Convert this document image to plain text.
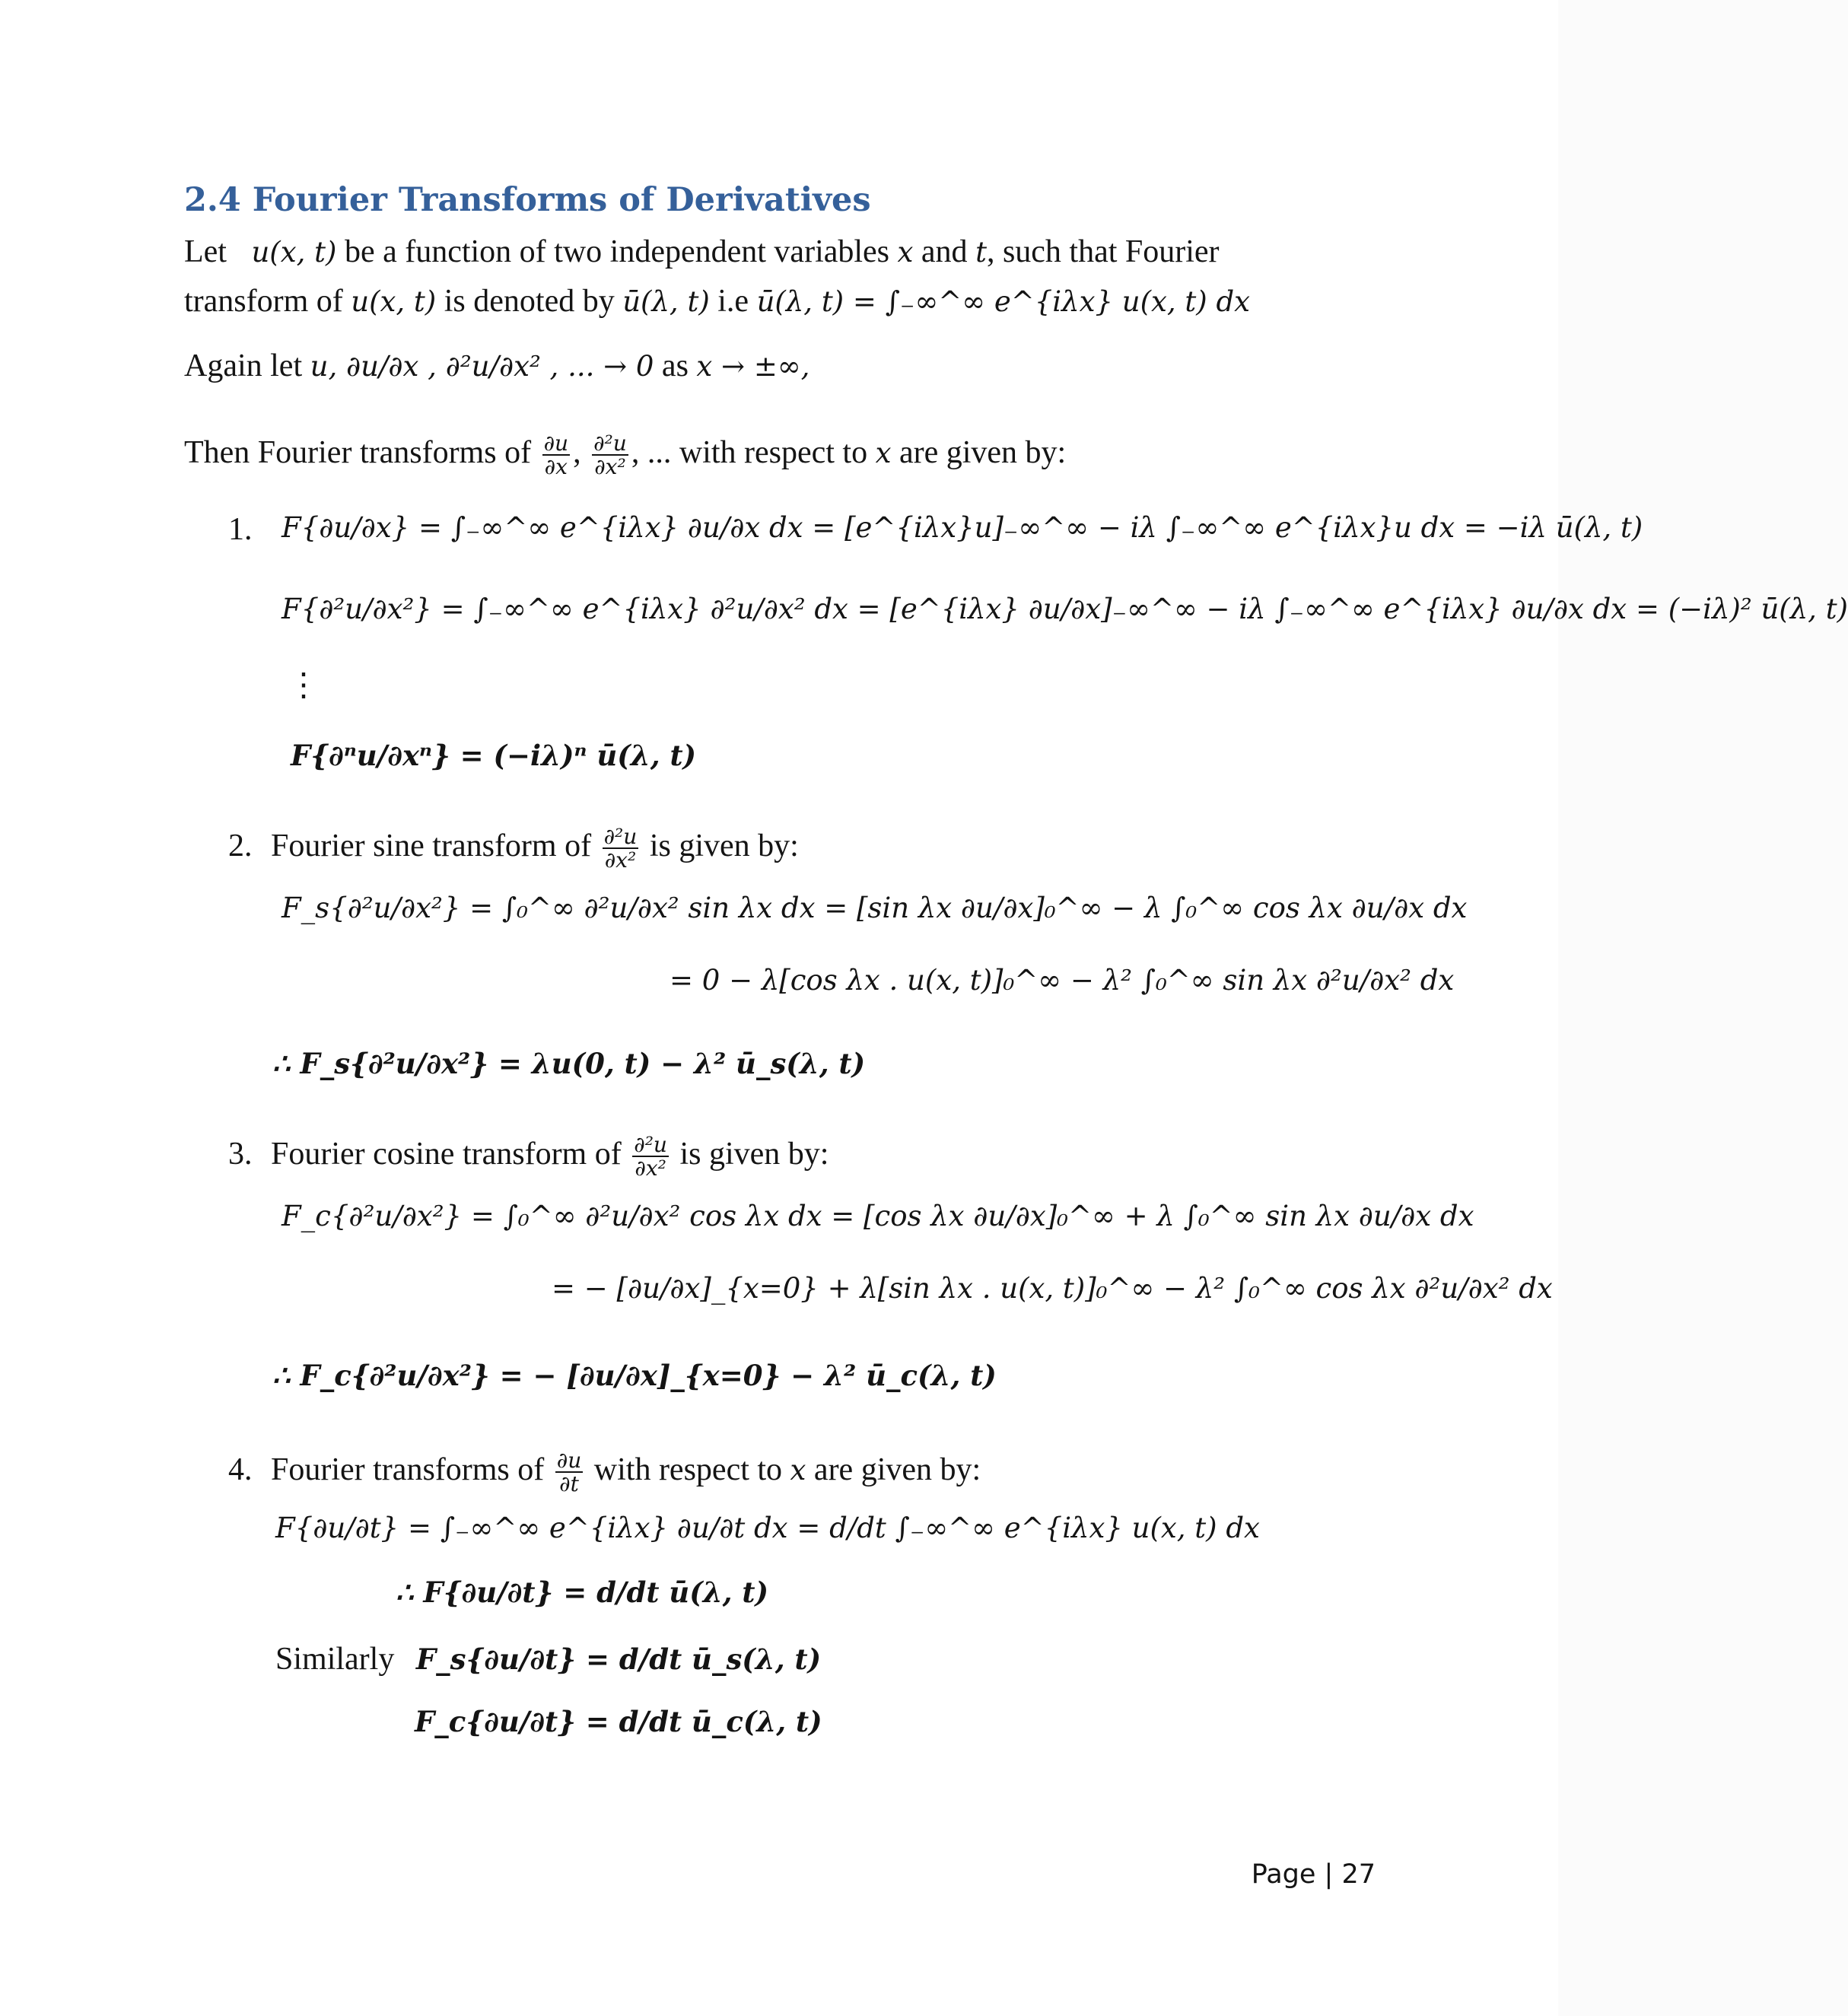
2.4 Fourier Transforms of Derivatives
Let u(x, t) be a function of two independent variables x and t, such that Fourier
transform of u(x, t) is denoted by ū(λ, t) i.e ū(λ, t) = ∫₋∞^∞ e^{iλx} u(x, t) dx
Again let u, ∂u/∂x , ∂²u/∂x² , ... → 0 as x → ±∞,
Then Fourier transforms of $\frac{\partial u}{\partial x}$ , $\frac{\text{∂²u}}{\text{∂x²}}$ , ... with respect to x are given by:
1. F{∂u/∂x} = ∫₋∞^∞ e^{iλx} ∂u/∂x dx = [e^{iλx}u]₋∞^∞ − iλ ∫₋∞^∞ e^{iλx}u dx = −iλ ū(λ, t)
F{∂²u/∂x²} = ∫₋∞^∞ e^{iλx} ∂²u/∂x² dx = [e^{iλx} ∂u/∂x]₋∞^∞ − iλ ∫₋∞^∞ e^{iλx} ∂u/∂x dx = (−iλ)² ū(λ, t)
⋮
F{∂ⁿu/∂xⁿ} = (−iλ)ⁿ ū(λ, t)
2. Fourier sine transform of $\frac{\text{∂²u}}{\text{∂x²}}$ is given by:
F_s{∂²u/∂x²} = ∫₀^∞ ∂²u/∂x² sin λx dx = [sin λx ∂u/∂x]₀^∞ − λ ∫₀^∞ cos λx ∂u/∂x dx
= 0 − λ[cos λx . u(x, t)]₀^∞ − λ² ∫₀^∞ sin λx ∂²u/∂x² dx
∴ F_s{∂²u/∂x²} = λu(0, t) − λ² ū_s(λ, t)
3. Fourier cosine transform of $\frac{\text{∂²u}}{\text{∂x²}}$ is given by:
F_c{∂²u/∂x²} = ∫₀^∞ ∂²u/∂x² cos λx dx = [cos λx ∂u/∂x]₀^∞ + λ ∫₀^∞ sin λx ∂u/∂x dx
= − [∂u/∂x]_{x=0} + λ[sin λx . u(x, t)]₀^∞ − λ² ∫₀^∞ cos λx ∂²u/∂x² dx
∴ F_c{∂²u/∂x²} = − [∂u/∂x]_{x=0} − λ² ū_c(λ, t)
4. Fourier transforms of $\frac{\partial u}{\partial t}$ with respect to x are given by:
F{∂u/∂t} = ∫₋∞^∞ e^{iλx} ∂u/∂t dx = d/dt ∫₋∞^∞ e^{iλx} u(x, t) dx
∴ F{∂u/∂t} = d/dt ū(λ, t)
Similarly F_s{∂u/∂t} = d/dt ū_s(λ, t)
F_c{∂u/∂t} = d/dt ū_c(λ, t)
Page | 27
